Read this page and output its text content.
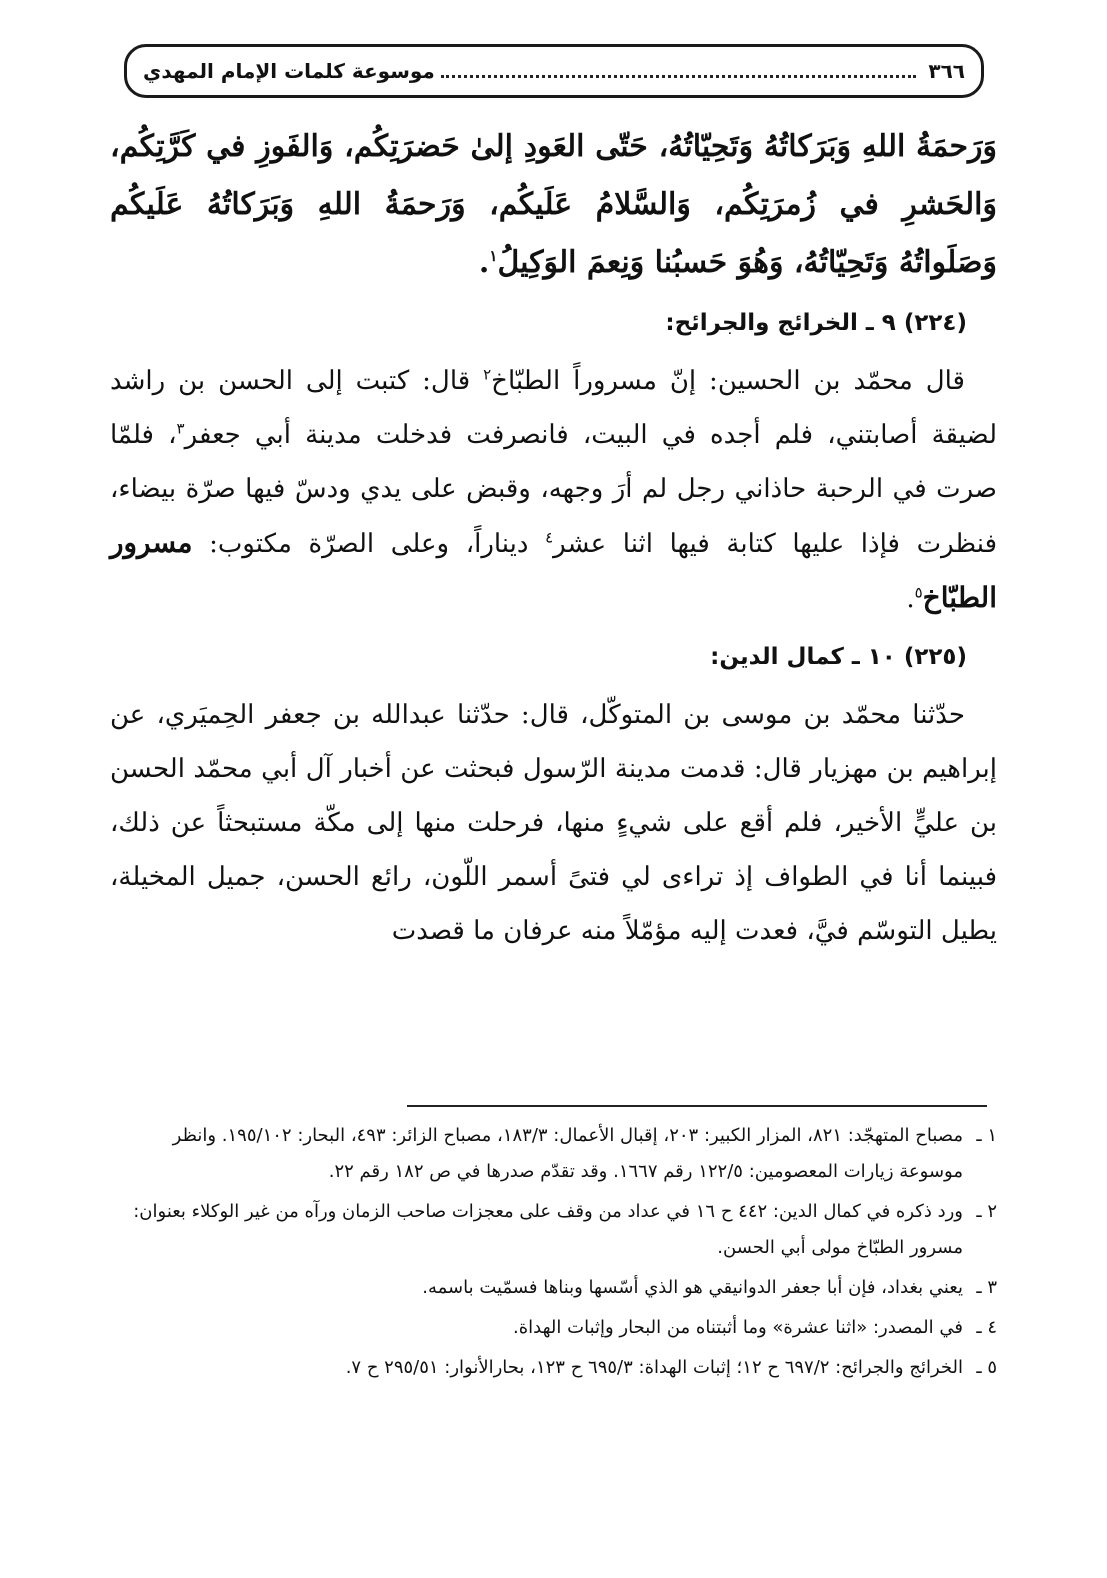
٣٦٦
موسوعة كلمات الإمام المهدي

وَرَحمَةُ اللهِ وَبَرَكاتُهُ وَتَحِيّاتُهُ، حَتّى العَودِ إلىٰ حَضرَتِكُم، وَالفَوزِ في كَرَّتِكُم، وَالحَشرِ في زُمرَتِكُم، وَالسَّلامُ عَلَيكُم، وَرَحمَةُ اللهِ وَبَرَكاتُهُ عَلَيكُم وَصَلَواتُهُ وَتَحِيّاتُهُ، وَهُوَ حَسبُنا وَنِعمَ الوَكِيلُ$^١$.

(٢٢٤) ٩ ـ الخرائج والجرائح:

قال محمّد بن الحسين: إنّ مسروراً الطبّاخ$^٢$ قال: كتبت إلى الحسن بن راشد لضيقة أصابتني، فلم أجده في البيت، فانصرفت فدخلت مدينة أبي جعفر$^٣$، فلمّا صرت في الرحبة حاذاني رجل لم أرَ وجهه، وقبض على يدي ودسّ فيها صرّة بيضاء، فنظرت فإذا عليها كتابة فيها اثنا عشر$^٤$ ديناراً، وعلى الصرّة مكتوب: مسرور الطبّاخ$^٥$.

(٢٢٥) ١٠ ـ كمال الدين:

حدّثنا محمّد بن موسى بن المتوكّل، قال: حدّثنا عبدالله بن جعفر الحِميَري، عن إبراهيم بن مهزيار قال: قدمت مدينة الرّسول فبحثت عن أخبار آل أبي محمّد الحسن بن عليٍّ الأخير، فلم أقع على شيءٍ منها، فرحلت منها إلى مكّة مستبحثاً عن ذلك، فبينما أنا في الطواف إذ تراءى لي فتىً أسمر اللّون، رائع الحسن، جميل المخيلة، يطيل التوسّم فيَّ، فعدت إليه مؤمّلاً منه عرفان ما قصدت

١ ـمصباح المتهجّد: ٨٢١، المزار الكبير: ٢٠٣، إقبال الأعمال: ١٨٣/٣، مصباح الزائر: ٤٩٣، البحار: ١٩٥/١٠٢. وانظر موسوعة زيارات المعصومين: ١٢٢/٥ رقم ١٦٦٧. وقد تقدّم صدرها في ص ١٨٢ رقم ٢٢.

٢ ـورد ذكره في كمال الدين: ٤٤٢ ح ١٦ في عداد من وقف على معجزات صاحب الزمان ورآه من غير الوكلاء بعنوان: مسرور الطبّاخ مولى أبي الحسن.

٣ ـيعني بغداد، فإن أبا جعفر الدوانيقي هو الذي أسّسها وبناها فسمّيت باسمه.

٤ ـفي المصدر: «اثنا عشرة» وما أثبتناه من البحار وإثبات الهداة.

٥ ـالخرائج والجرائح: ٦٩٧/٢ ح ١٢؛ إثبات الهداة: ٦٩٥/٣ ح ١٢٣، بحارالأنوار: ٢٩٥/٥١ ح ٧.
